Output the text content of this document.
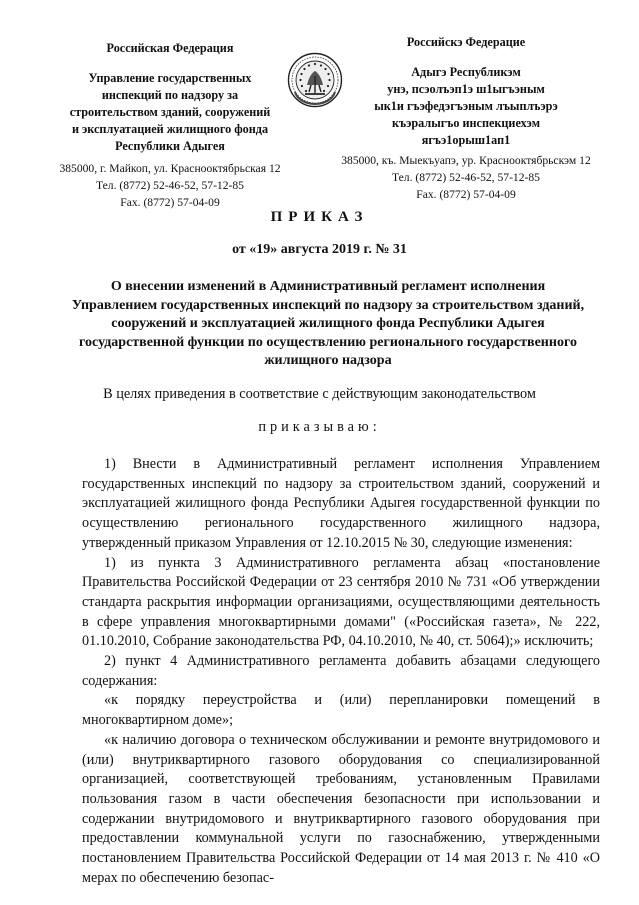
Российская Федерация
Управление государственных
инспекций по надзору за
строительством зданий, сооружений
и эксплуатацией жилищного фонда
Республики Адыгея
385000, г. Майкоп, ул. Краснооктябрьская 12
Тел. (8772) 52-46-52, 57-12-85
Fax. (8772) 57-04-09
Российскэ Федерацие
Адыгэ Республикэм
унэ, псэолъэп1э ш1ыгъэным
ык1и гъэфедэгъэным лъыплъэрэ
къэралыгъо инспекциехэм
ягъэ1орыш1ап1
385000, къ. Мыекъуапэ, ур. Краснооктябрьскэм 12
Тел. (8772) 52-46-52, 57-12-85
Fax. (8772) 57-04-09
ПРИКАЗ
от «19» августа 2019 г. № 31
О внесении изменений в Административный регламент исполнения Управлением государственных инспекций по надзору за строительством зданий, сооружений и эксплуатацией жилищного фонда Республики Адыгея государственной функции по осуществлению регионального государственного жилищного надзора
В целях приведения в соответствие с действующим законодательством
приказываю:

1) Внести в Административный регламент исполнения Управлением государственных инспекций по надзору за строительством зданий, сооружений и эксплуатацией жилищного фонда Республики Адыгея государственной функции по осуществлению регионального государственного жилищного надзора, утвержденный приказом Управления от 12.10.2015 № 30, следующие изменения:

1) из пункта 3 Административного регламента абзац «постановление Правительства Российской Федерации от 23 сентября 2010 № 731 «Об утверждении стандарта раскрытия информации организациями, осуществляющими деятельность в сфере управления многоквартирными домами" («Российская газета», № 222, 01.10.2010, Собрание законодательства РФ, 04.10.2010, № 40, ст. 5064);» исключить;

2) пункт 4 Административного регламента добавить абзацами следующего содержания:

«к порядку переустройства и (или) перепланировки помещений в многоквартирном доме»;

«к наличию договора о техническом обслуживании и ремонте внутридомового и (или) внутриквартирного газового оборудования со специализированной организацией, соответствующей требованиям, установленным Правилами пользования газом в части обеспечения безопасности при использовании и содержании внутридомового и внутриквартирного газового оборудования при предоставлении коммунальной услуги по газоснабжению, утвержденными постановлением Правительства Российской Федерации от 14 мая 2013 г. № 410 «О мерах по обеспечению безопас-
